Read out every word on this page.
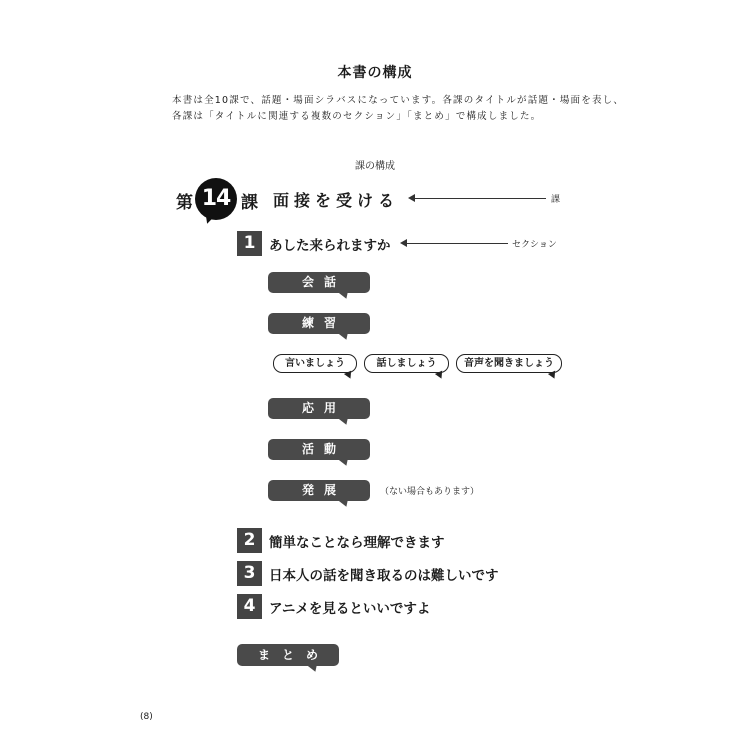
本書の構成
本書は全10課で、話題・場面シラバスになっています。各課のタイトルが話題・場面を表し、
各課は「タイトルに関連する複数のセクション」「まとめ」で構成しました。
課の構成
第 14 課 面接を受ける	課
1	あした来られますか	セクション
会話
練習
言いましょう	話しましょう	音声を聞きましょう
応用
活動
発展	（ない場合もあります）
2	簡単なことなら理解できます
3	日本人の話を聞き取るのは難しいです
4	アニメを見るといいですよ
まとめ
(8)
